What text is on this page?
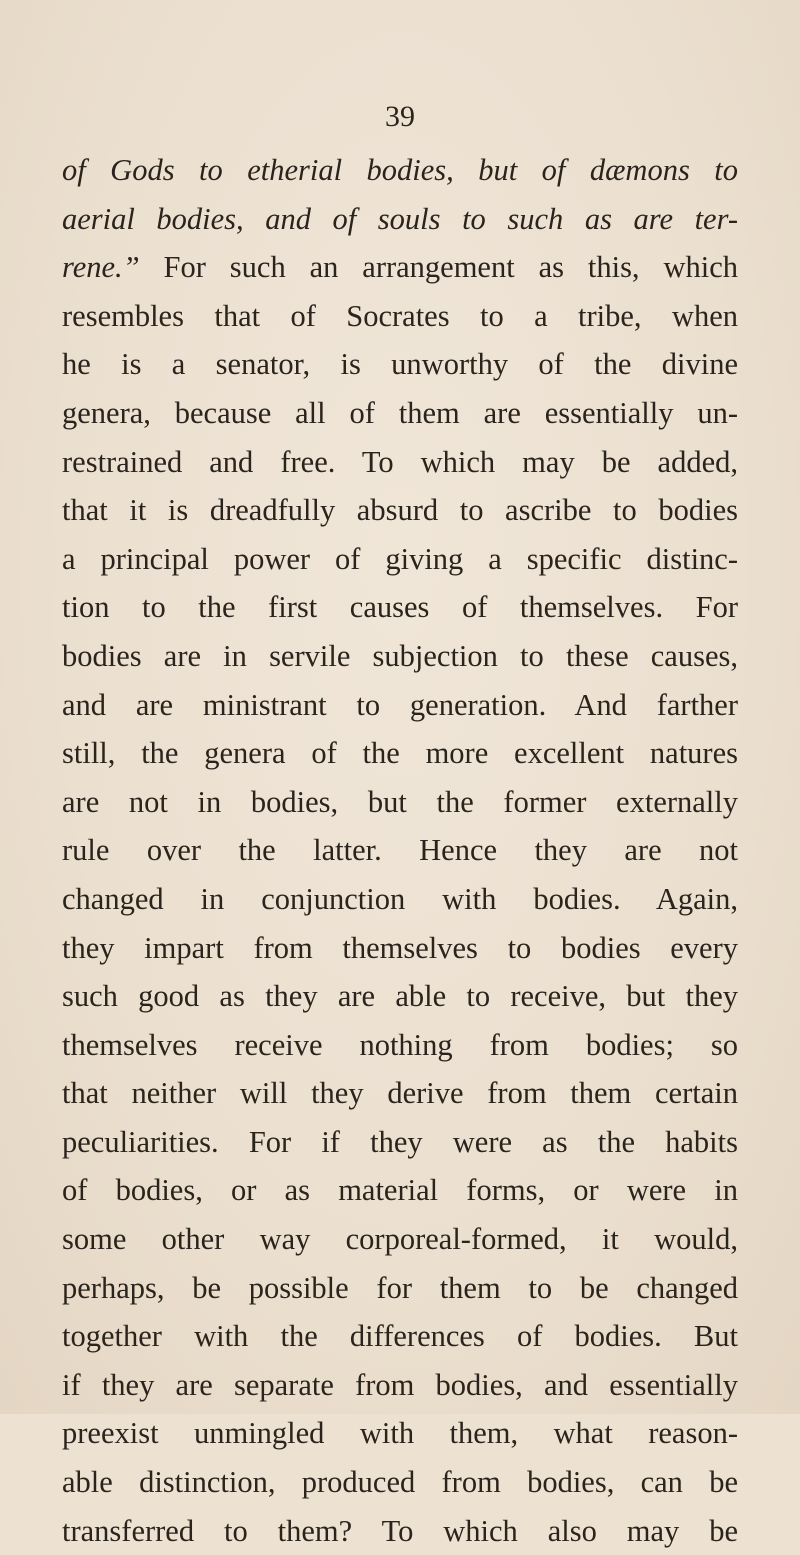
39
of Gods to etherial bodies, but of dæmons to
aerial bodies, and of souls to such as are ter-
rene.” For such an arrangement as this, which
resembles that of Socrates to a tribe, when
he is a senator, is unworthy of the divine
genera, because all of them are essentially un-
restrained and free. To which may be added,
that it is dreadfully absurd to ascribe to bodies
a principal power of giving a specific distinc-
tion to the first causes of themselves. For
bodies are in servile subjection to these causes,
and are ministrant to generation. And farther
still, the genera of the more excellent natures
are not in bodies, but the former externally
rule over the latter. Hence they are not
changed in conjunction with bodies. Again,
they impart from themselves to bodies every
such good as they are able to receive, but they
themselves receive nothing from bodies; so
that neither will they derive from them certain
peculiarities. For if they were as the habits
of bodies, or as material forms, or were in
some other way corporeal-formed, it would,
perhaps, be possible for them to be changed
together with the differences of bodies. But
if they are separate from bodies, and essentially
preexist unmingled with them, what reason-
able distinction, produced from bodies, can be
transferred to them? To which also may be
